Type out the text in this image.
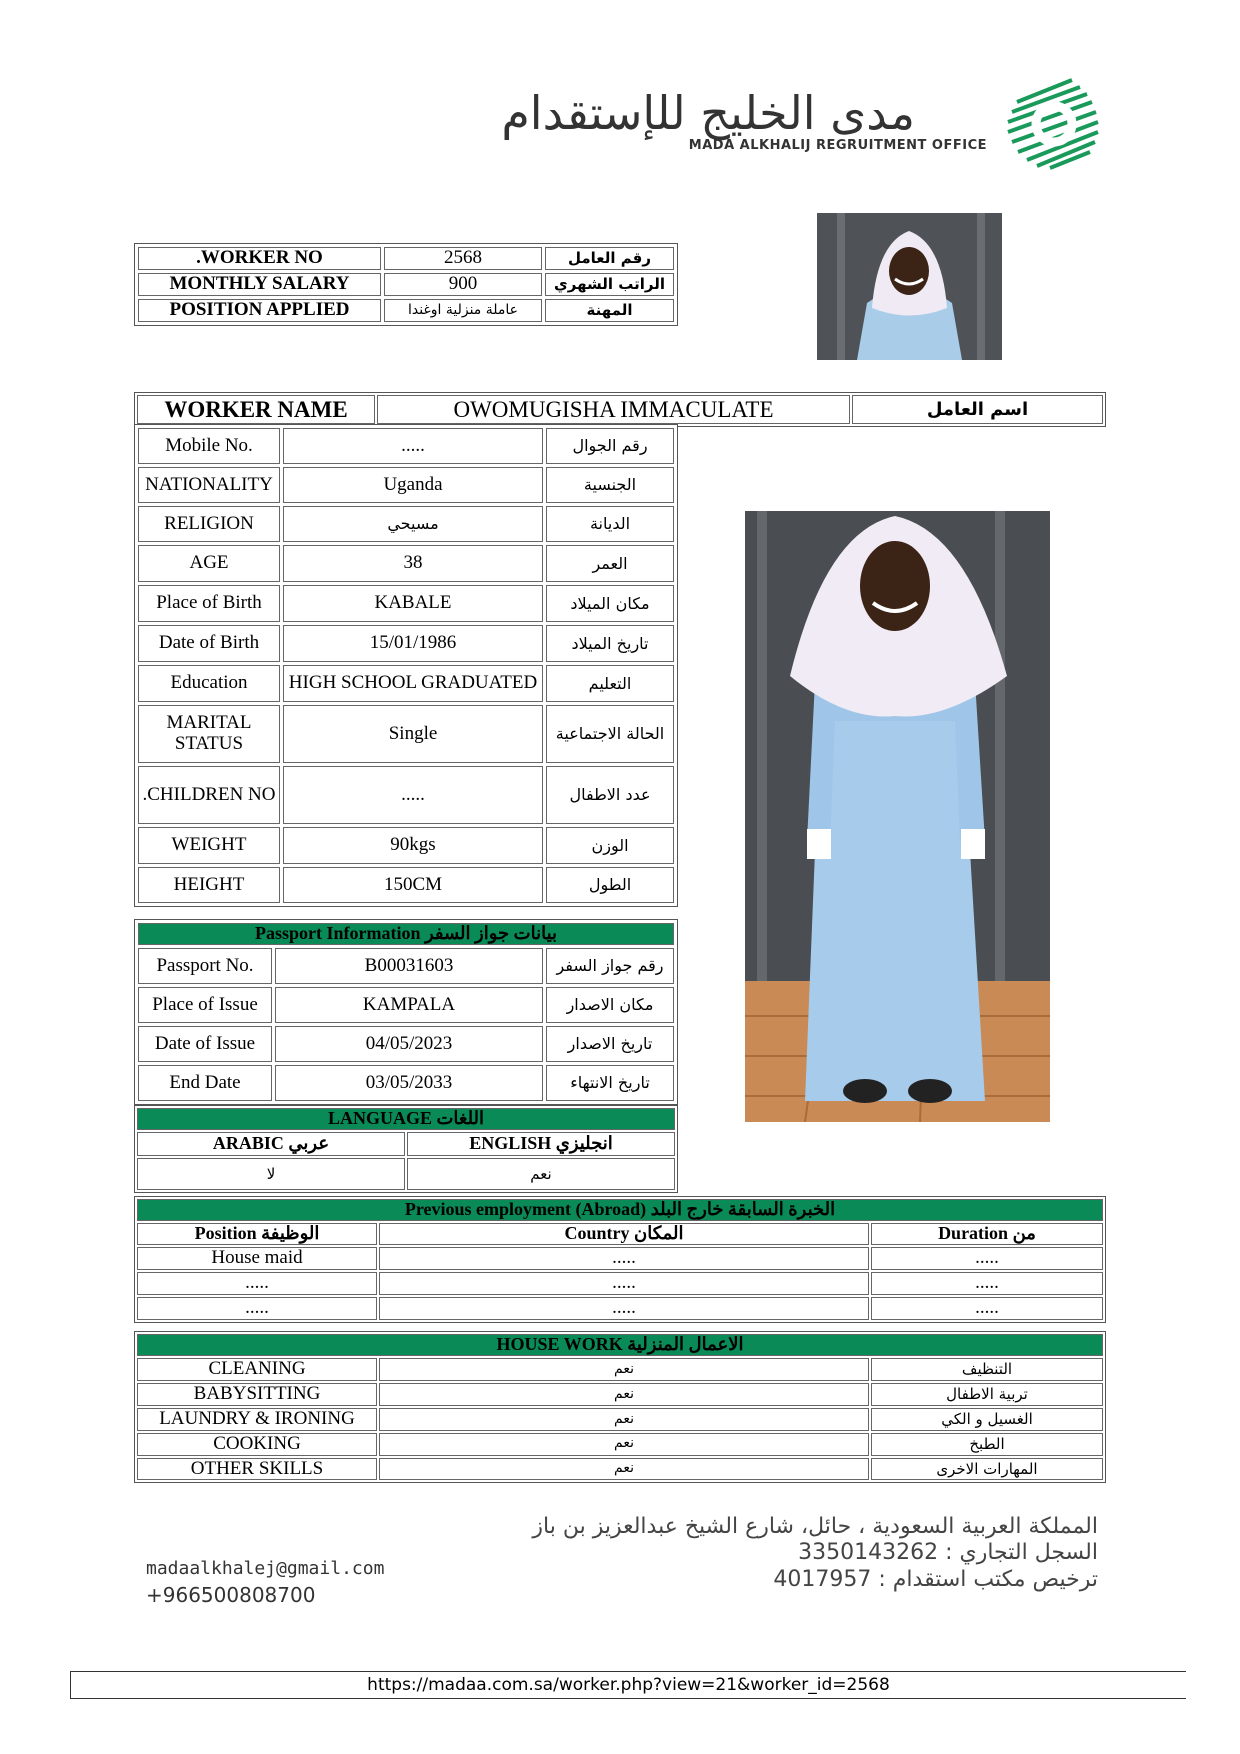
مدى الخليج للإستقدام
MADA ALKHALIJ REGRUITMENT OFFICE
.WORKER NO	2568	رقم العامل
MONTHLY SALARY	900	الراتب الشهري
POSITION APPLIED	عاملة منزلية اوغندا	المهنة
WORKER NAME	OWOMUGISHA IMMACULATE	اسم العامل
Mobile No.	.....	رقم الجوال
NATIONALITY	Uganda	الجنسية
RELIGION	مسيحي	الديانة
AGE	38	العمر
Place of Birth	KABALE	مكان الميلاد
Date of Birth	15/01/1986	تاريخ الميلاد
Education	HIGH SCHOOL GRADUATED	التعليم
MARITAL STATUS	Single	الحالة الاجتماعية
.CHILDREN NO	.....	عدد الاطفال
WEIGHT	90kgs	الوزن
HEIGHT	150CM	الطول
Passport Information بيانات جواز السفر		
Passport No.	B00031603	رقم جواز السفر
Place of Issue	KAMPALA	مكان الاصدار
Date of Issue	04/05/2023	تاريخ الاصدار
End Date	03/05/2033	تاريخ الانتهاء
LANGUAGE اللغات	
ARABIC عربي	ENGLISH انجليزي
لا	نعم
Previous employment (Abroad) الخبرة السابقة خارج البلد		
Position الوظيفة	Country المكان	Duration من
House maid	.....	.....
.....	.....	.....
.....	.....	.....
HOUSE WORK الاعمال المنزلية		
CLEANING	نعم	التنظيف
BABYSITTING	نعم	تربية الاطفال
LAUNDRY & IRONING	نعم	الغسيل و الكي
COOKING	نعم	الطبخ
OTHER SKILLS	نعم	المهارات الاخرى
المملكة العربية السعودية ، حائل، شارع الشيخ عبدالعزيز بن باز
السجل التجاري : 3350143262
ترخيص مكتب استقدام : 4017957
madaalkhalej@gmail.com
+966500808700
https://madaa.com.sa/worker.php?view=21&worker_id=2568
